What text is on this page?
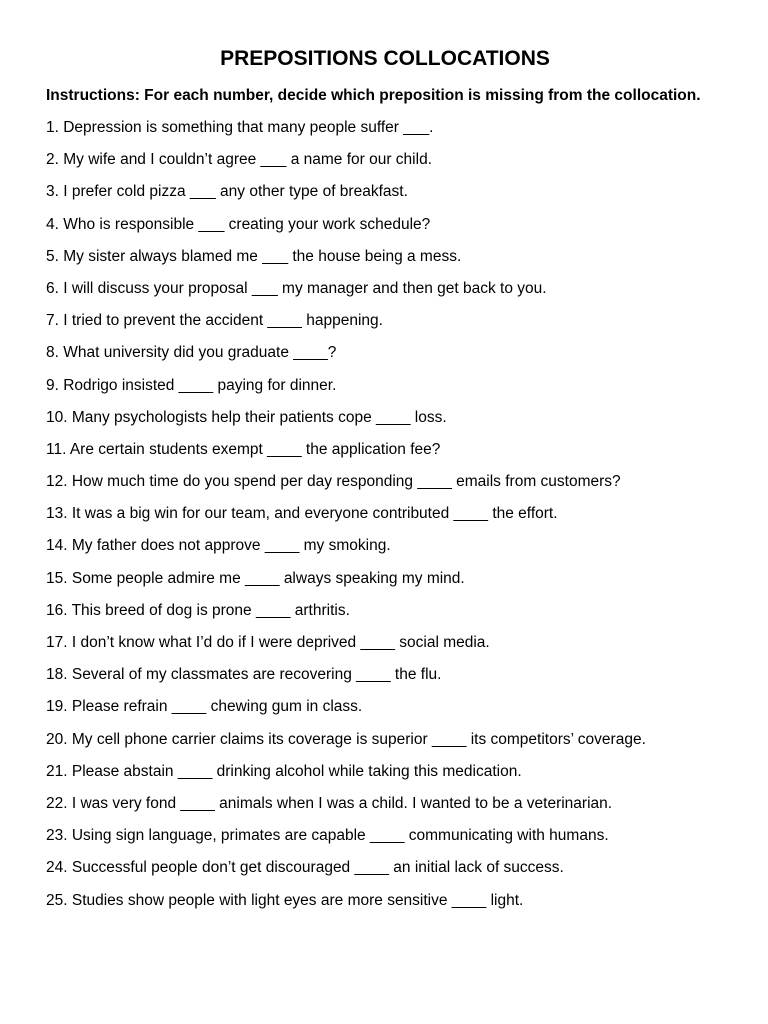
PREPOSITIONS COLLOCATIONS

Instructions: For each number, decide which preposition is missing from the collocation.

1. Depression is something that many people suffer ___.
2. My wife and I couldn’t agree ___ a name for our child.
3. I prefer cold pizza ___ any other type of breakfast.
4. Who is responsible ___ creating your work schedule?
5. My sister always blamed me ___ the house being a mess.
6. I will discuss your proposal ___ my manager and then get back to you.
7. I tried to prevent the accident ____ happening.
8. What university did you graduate ____?
9. Rodrigo insisted ____ paying for dinner.
10. Many psychologists help their patients cope ____ loss.
11. Are certain students exempt ____ the application fee?
12. How much time do you spend per day responding ____ emails from customers?
13. It was a big win for our team, and everyone contributed ____ the effort.
14. My father does not approve ____ my smoking.
15. Some people admire me ____ always speaking my mind.
16. This breed of dog is prone ____ arthritis.
17. I don’t know what I’d do if I were deprived ____ social media.
18. Several of my classmates are recovering ____ the flu.
19. Please refrain ____ chewing gum in class.
20. My cell phone carrier claims its coverage is superior ____ its competitors’ coverage.
21. Please abstain ____ drinking alcohol while taking this medication.
22. I was very fond ____ animals when I was a child. I wanted to be a veterinarian.
23. Using sign language, primates are capable ____ communicating with humans.
24. Successful people don’t get discouraged ____ an initial lack of success.
25. Studies show people with light eyes are more sensitive ____ light.
